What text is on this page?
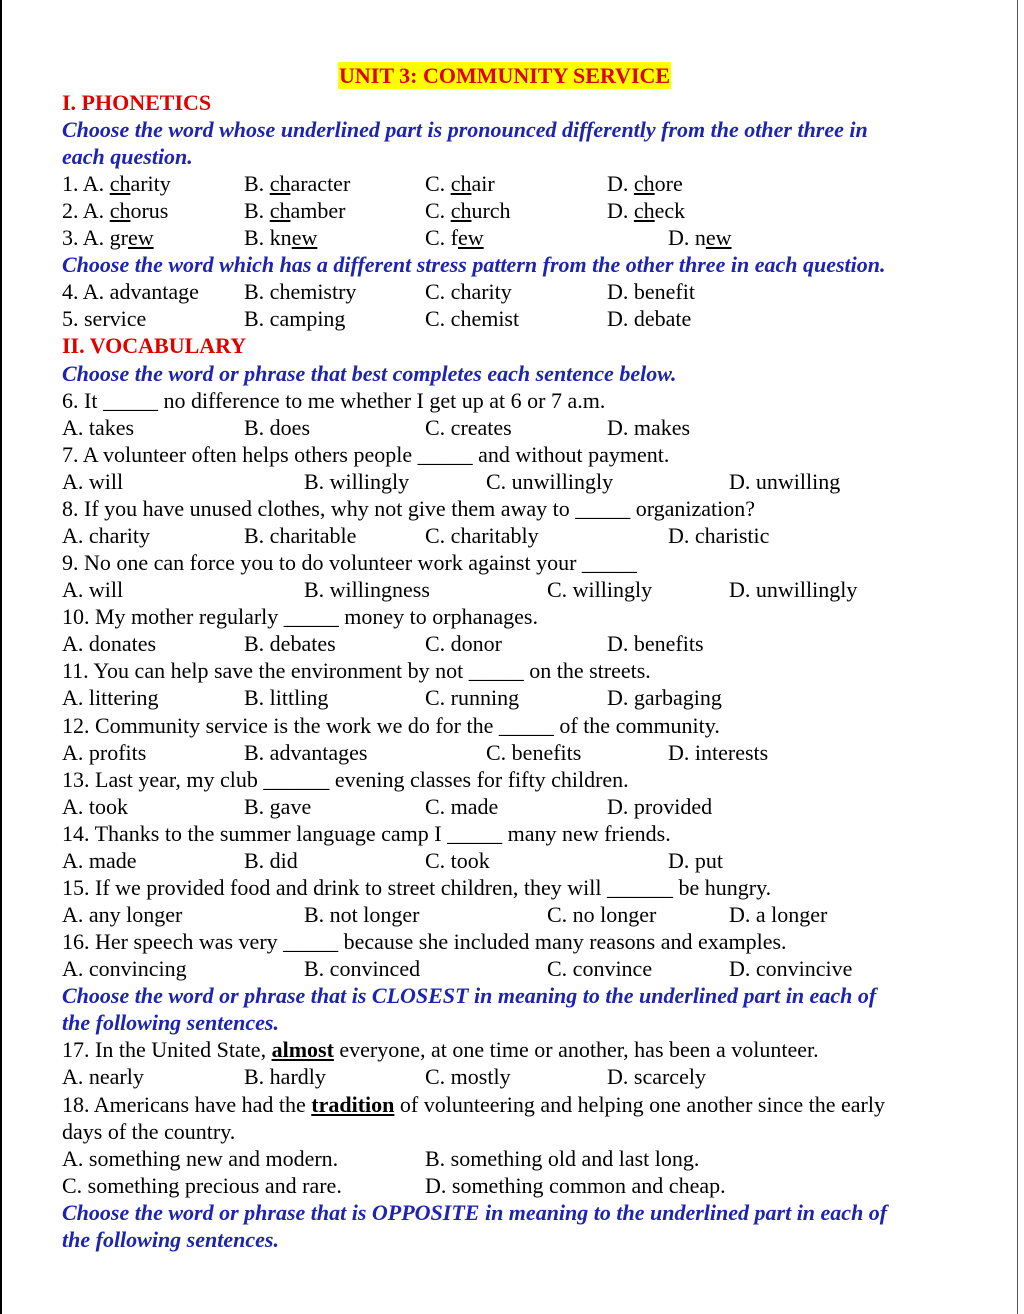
UNIT 3: COMMUNITY SERVICE
I. PHONETICS
Choose the word whose underlined part is pronounced differently from the other three in
each question.
1. A. charity	B. character	C. chair	D. chore
2. A. chorus	B. chamber	C. church	D. check
3. A. grew	B. knew	C. few	D. new
Choose the word which has a different stress pattern from the other three in each question.
4. A. advantage B. chemistry	C. charity	D. benefit
5. service	B. camping	C. chemist	D. debate
II. VOCABULARY
Choose the word or phrase that best completes each sentence below.
6. It _____ no difference to me whether I get up at 6 or 7 a.m.
A. takes	B. does	C. creates	D. makes
7. A volunteer often helps others people _____ and without payment.
A. will	B. willingly	C. unwillingly	D. unwilling
8. If you have unused clothes, why not give them away to _____ organization?
A. charity	B. charitable	C. charitably	D. charistic
9. No one can force you to do volunteer work against your _____
A. will	B. willingness	C. willingly	D. unwillingly
10. My mother regularly _____ money to orphanages.
A. donates	B. debates	C. donor	D. benefits
11. You can help save the environment by not _____ on the streets.
A. littering	B. littling	C. running	D. garbaging
12. Community service is the work we do for the _____ of the community.
A. profits	B. advantages	C. benefits	D. interests
13. Last year, my club ______ evening classes for fifty children.
A. took	B. gave	C. made	D. provided
14. Thanks to the summer language camp I _____ many new friends.
A. made	B. did	C. took	D. put
15. If we provided food and drink to street children, they will ______ be hungry.
A. any longer	B. not longer	C. no longer	D. a longer
16. Her speech was very _____ because she included many reasons and examples.
A. convincing	B. convinced	C. convince	D. convincive
Choose the word or phrase that is CLOSEST in meaning to the underlined part in each of
the following sentences.
17. In the United State, almost everyone, at one time or another, has been a volunteer.
A. nearly	B. hardly	C. mostly	D. scarcely
18. Americans have had the tradition of volunteering and helping one another since the early
days of the country.
A. something new and modern.	B. something old and last long.
C. something precious and rare.	D. something common and cheap.
Choose the word or phrase that is OPPOSITE in meaning to the underlined part in each of
the following sentences.
